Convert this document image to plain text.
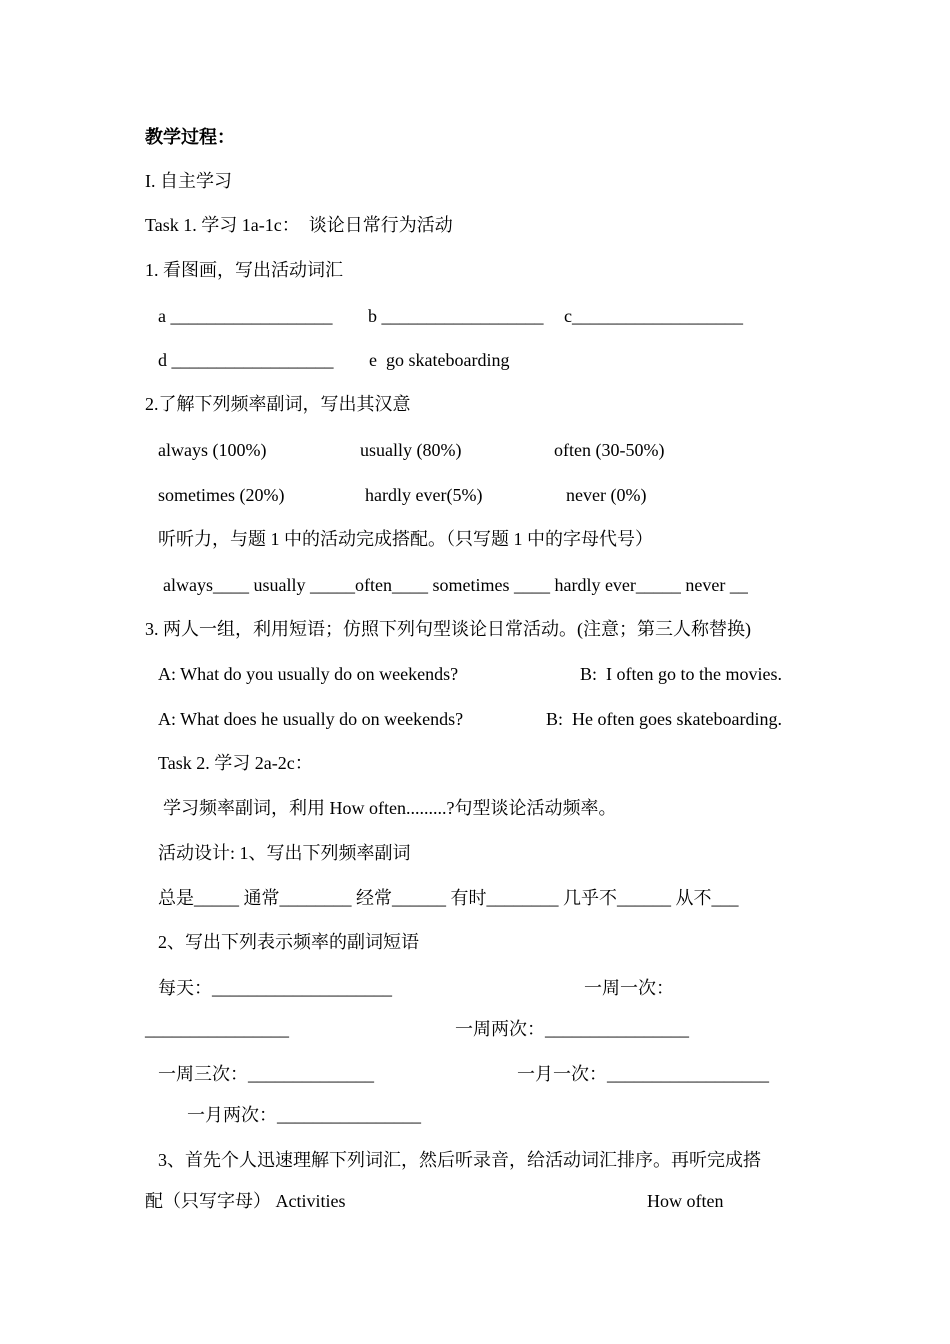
教学过程：
I. 自主学习
Task 1. 学习 1a-1c：  谈论日常行为活动
1. 看图画，写出活动词汇
a __________________ b __________________ c___________________
d __________________ e  go skateboarding
2.了解下列频率副词，写出其汉意
always (100%)	usually (80%)	often (30-50%)
sometimes (20%)	hardly ever(5%)	never (0%)
听听力，与题 1 中的活动完成搭配。（只写题 1 中的字母代号）
always____ usually _____often____ sometimes ____ hardly ever_____ never __
3. 两人一组，利用短语；仿照下列句型谈论日常活动。(注意；第三人称替换)
A: What do you usually do on weekends?	B:  I often go to the movies.
A: What does he usually do on weekends?	B:  He often goes skateboarding.
Task 2. 学习 2a-2c：
学习频率副词，利用 How often.........?句型谈论活动频率。
活动设计: 1、写出下列频率副词
总是_____ 通常________ 经常______ 有时________ 几乎不______ 从不___
2、写出下列表示频率的副词短语
每天：____________________	一周一次：
________________	一周两次：________________
一周三次：______________	一月一次：__________________
一月两次：________________
3、首先个人迅速理解下列词汇，然后听录音，给活动词汇排序。再听完成搭
配（只写字母） Activities	How often
